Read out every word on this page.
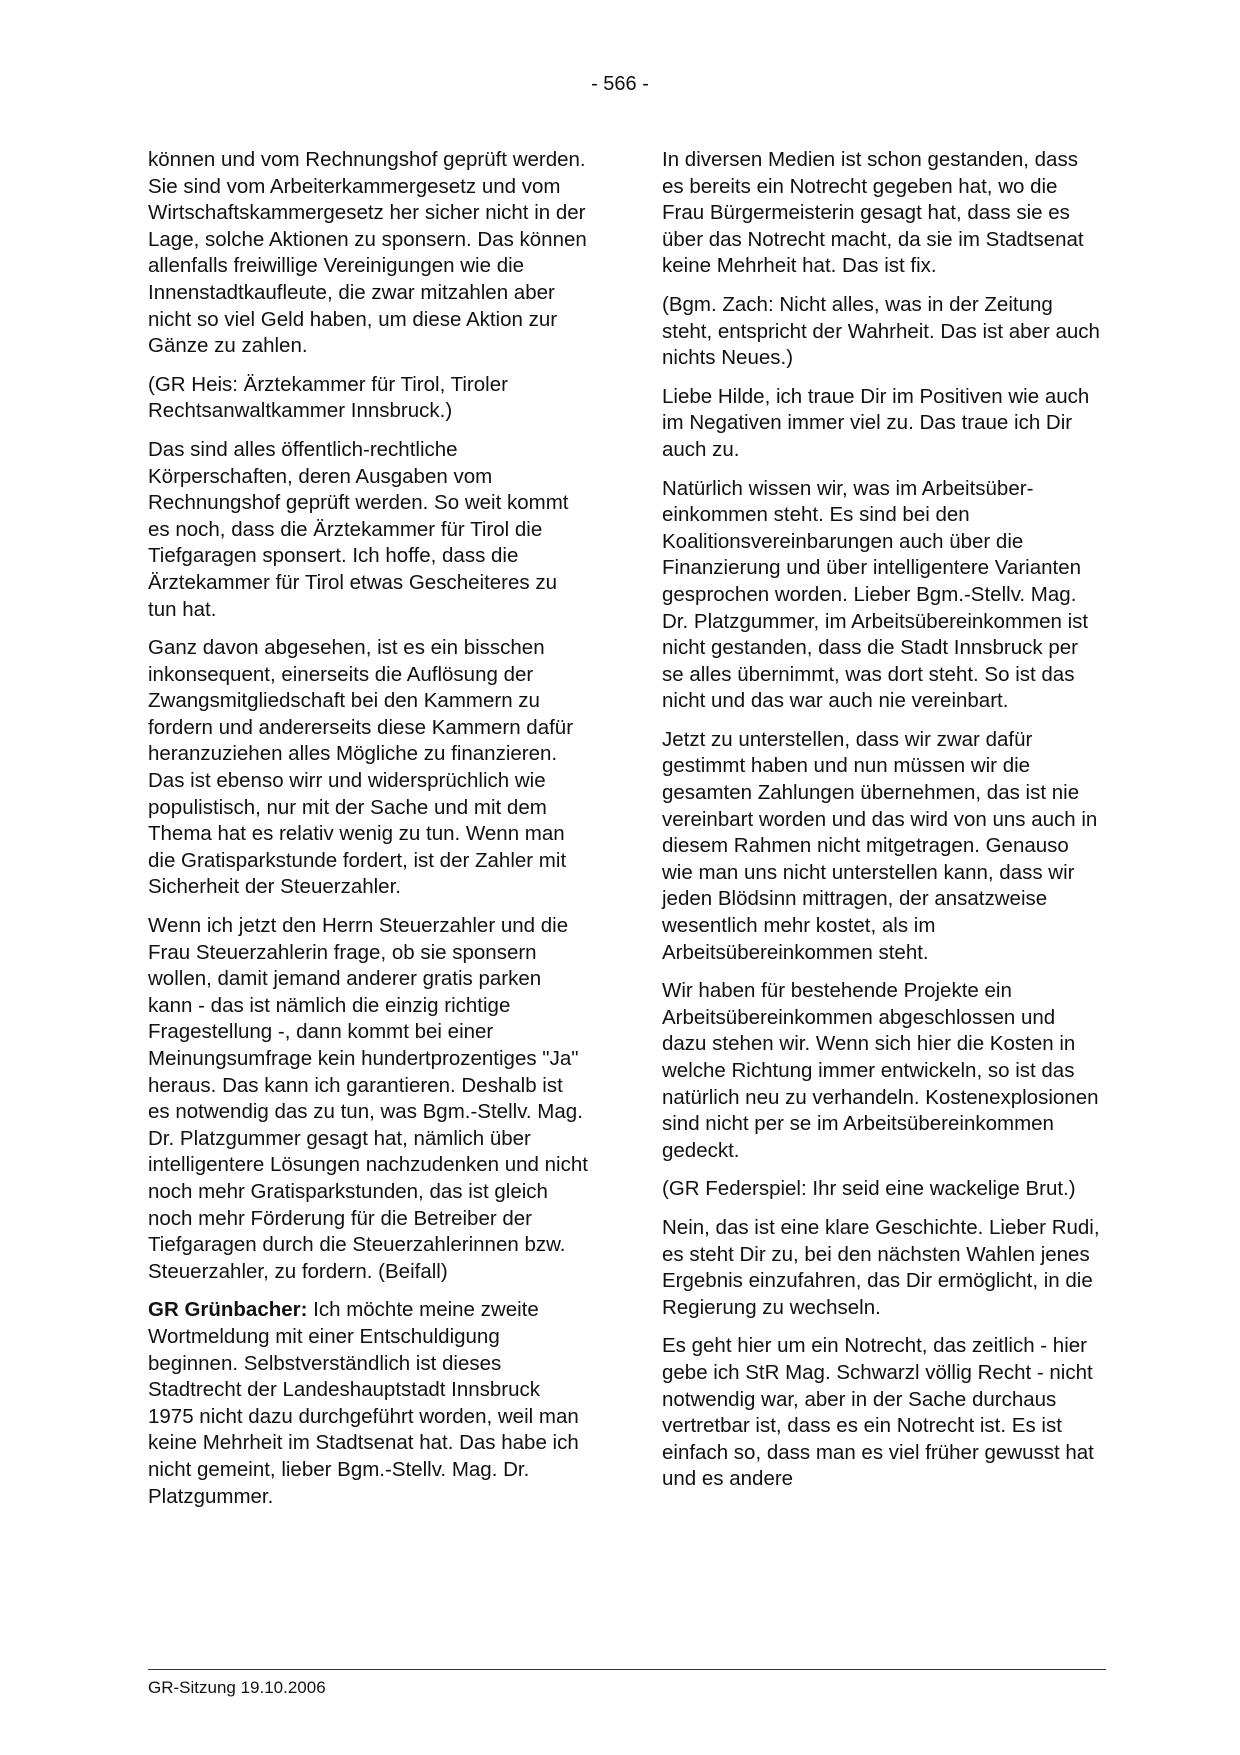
- 566 -

können und vom Rechnungshof geprüft werden. Sie sind vom Arbeiterkammergesetz und vom Wirtschaftskammergesetz her sicher nicht in der Lage, solche Aktionen zu sponsern. Das können allenfalls freiwillige Vereinigungen wie die Innenstadtkaufleute, die zwar mitzahlen aber nicht so viel Geld haben, um diese Aktion zur Gänze zu zahlen.

(GR Heis: Ärztekammer für Tirol, Tiroler Rechtsanwaltkammer Innsbruck.)

Das sind alles öffentlich-rechtliche Körperschaften, deren Ausgaben vom Rechnungshof geprüft werden. So weit kommt es noch, dass die Ärztekammer für Tirol die Tiefgaragen sponsert. Ich hoffe, dass die Ärztekammer für Tirol etwas Gescheiteres zu tun hat.

Ganz davon abgesehen, ist es ein bisschen inkonsequent, einerseits die Auflösung der Zwangsmitgliedschaft bei den Kammern zu fordern und andererseits diese Kammern dafür heranzuziehen alles Mögliche zu finanzieren. Das ist ebenso wirr und widersprüchlich wie populistisch, nur mit der Sache und mit dem Thema hat es relativ wenig zu tun. Wenn man die Gratisparkstunde fordert, ist der Zahler mit Sicherheit der Steuerzahler.

Wenn ich jetzt den Herrn Steuerzahler und die Frau Steuerzahlerin frage, ob sie sponsern wollen, damit jemand anderer gratis parken kann - das ist nämlich die einzig richtige Fragestellung -, dann kommt bei einer Meinungsumfrage kein hundertprozentiges "Ja" heraus. Das kann ich garantieren. Deshalb ist es notwendig das zu tun, was Bgm.-Stellv. Mag. Dr. Platzgummer gesagt hat, nämlich über intelligentere Lösungen nachzudenken und nicht noch mehr Gratisparkstunden, das ist gleich noch mehr Förderung für die Betreiber der Tiefgaragen durch die Steuerzahlerinnen bzw. Steuerzahler, zu fordern. (Beifall)

GR Grünbacher: Ich möchte meine zweite Wortmeldung mit einer Entschuldigung beginnen. Selbstverständlich ist dieses Stadtrecht der Landeshauptstadt Innsbruck 1975 nicht dazu durchgeführt worden, weil man keine Mehrheit im Stadtsenat hat. Das habe ich nicht gemeint, lieber Bgm.-Stellv. Mag. Dr. Platzgummer.

In diversen Medien ist schon gestanden, dass es bereits ein Notrecht gegeben hat, wo die Frau Bürgermeisterin gesagt hat, dass sie es über das Notrecht macht, da sie im Stadtsenat keine Mehrheit hat. Das ist fix.

(Bgm. Zach: Nicht alles, was in der Zeitung steht, entspricht der Wahrheit. Das ist aber auch nichts Neues.)

Liebe Hilde, ich traue Dir im Positiven wie auch im Negativen immer viel zu. Das traue ich Dir auch zu.

Natürlich wissen wir, was im Arbeitsübereinkommen steht. Es sind bei den Koalitionsvereinbarungen auch über die Finanzierung und über intelligentere Varianten gesprochen worden. Lieber Bgm.-Stellv. Mag. Dr. Platzgummer, im Arbeitsübereinkommen ist nicht gestanden, dass die Stadt Innsbruck per se alles übernimmt, was dort steht. So ist das nicht und das war auch nie vereinbart.

Jetzt zu unterstellen, dass wir zwar dafür gestimmt haben und nun müssen wir die gesamten Zahlungen übernehmen, das ist nie vereinbart worden und das wird von uns auch in diesem Rahmen nicht mitgetragen. Genauso wie man uns nicht unterstellen kann, dass wir jeden Blödsinn mittragen, der ansatzweise wesentlich mehr kostet, als im Arbeitsübereinkommen steht.

Wir haben für bestehende Projekte ein Arbeitsübereinkommen abgeschlossen und dazu stehen wir. Wenn sich hier die Kosten in welche Richtung immer entwickeln, so ist das natürlich neu zu verhandeln. Kostenexplosionen sind nicht per se im Arbeitsübereinkommen gedeckt.

(GR Federspiel: Ihr seid eine wackelige Brut.)

Nein, das ist eine klare Geschichte. Lieber Rudi, es steht Dir zu, bei den nächsten Wahlen jenes Ergebnis einzufahren, das Dir ermöglicht, in die Regierung zu wechseln.

Es geht hier um ein Notrecht, das zeitlich - hier gebe ich StR Mag. Schwarzl völlig Recht - nicht notwendig war, aber in der Sache durchaus vertretbar ist, dass es ein Notrecht ist. Es ist einfach so, dass man es viel früher gewusst hat und es andere

GR-Sitzung 19.10.2006
